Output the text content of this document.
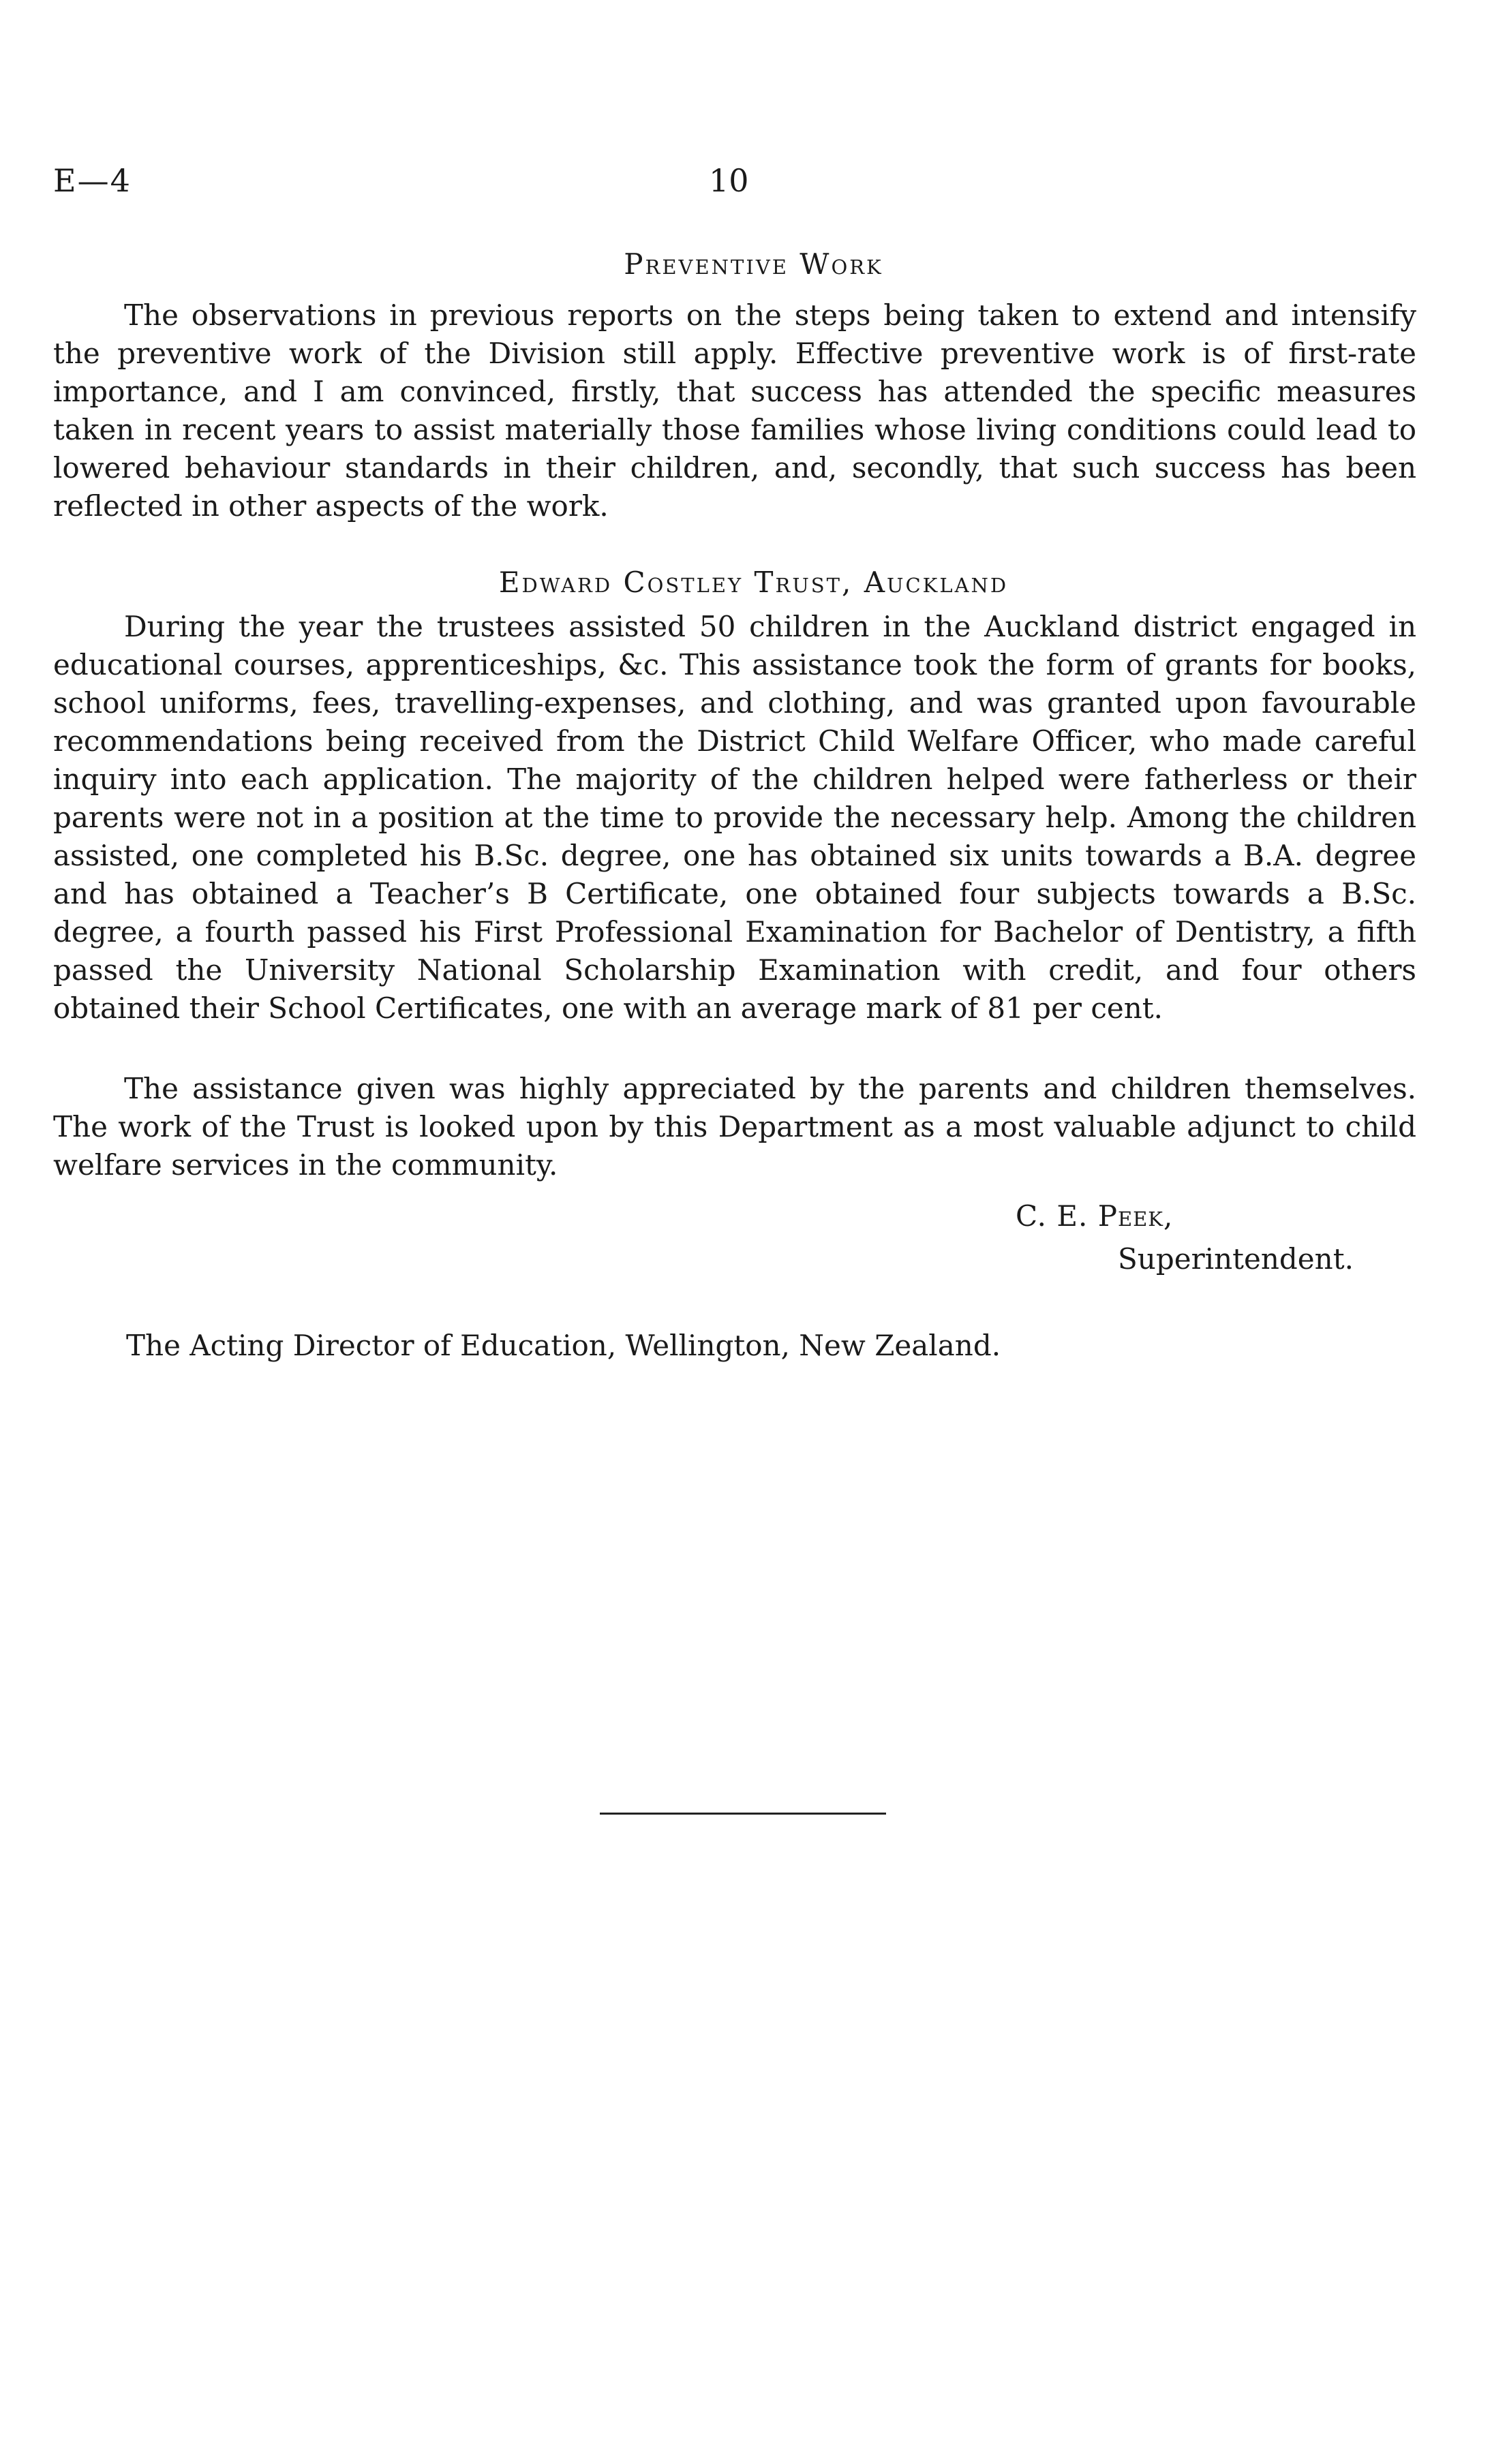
E—4	10
Preventive Work

The observations in previous reports on the steps being taken to extend and intensify the preventive work of the Division still apply. Effective preventive work is of first-rate importance, and I am convinced, firstly, that success has attended the specific measures taken in recent years to assist materially those families whose living conditions could lead to lowered behaviour standards in their children, and, secondly, that such success has been reflected in other aspects of the work.

Edward Costley Trust, Auckland

During the year the trustees assisted 50 children in the Auckland district engaged in educational courses, apprenticeships, &c. This assistance took the form of grants for books, school uniforms, fees, travelling-expenses, and clothing, and was granted upon favourable recommendations being received from the District Child Welfare Officer, who made careful inquiry into each application. The majority of the children helped were fatherless or their parents were not in a position at the time to provide the necessary help. Among the children assisted, one completed his B.Sc. degree, one has obtained six units towards a B.A. degree and has obtained a Teacher’s B Certificate, one obtained four subjects towards a B.Sc. degree, a fourth passed his First Professional Examination for Bachelor of Dentistry, a fifth passed the University National Scholarship Examination with credit, and four others obtained their School Certificates, one with an average mark of 81 per cent.

The assistance given was highly appreciated by the parents and children themselves. The work of the Trust is looked upon by this Department as a most valuable adjunct to child welfare services in the community.

C. E. Peek,
Superintendent.
The Acting Director of Education, Wellington, New Zealand.
